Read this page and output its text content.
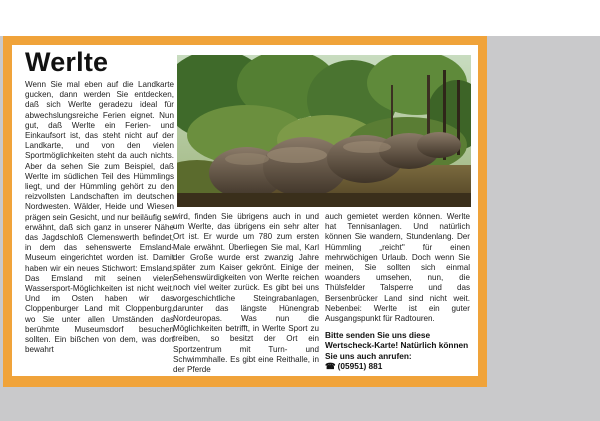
Werlte

Wenn Sie mal eben auf die Landkarte gucken, dann werden Sie entdecken, daß sich Werlte geradezu ideal für abwechslungsreiche Ferien eignet. Nun gut, daß Werlte ein Ferien- und Einkaufsort ist, das steht nicht auf der Landkarte, und von den vielen Sportmöglichkeiten steht da auch nichts. Aber da sehen Sie zum Beispiel, daß Werlte im südlichen Teil des Hümmlings liegt, und der Hümmling gehört zu den reizvollsten Landschaften im deutschen Nordwesten. Wälder, Heide und Wiesen prägen sein Gesicht, und nur beiläufig sei erwähnt, daß sich ganz in unserer Nähe das Jagdschloß Clemenswerth befindet, in dem das sehenswerte Emsland-Museum eingerichtet worden ist. Damit haben wir ein neues Stichwort: Emsland. Das Emsland mit seinen vielen Wassersport-Möglichkeiten ist nicht weit. Und im Osten haben wir das Cloppenburger Land mit Cloppenburg, wo Sie unter allen Umständen das berühmte Museumsdorf besuchen sollten. Ein bißchen von dem, was dort bewahrt

wird, finden Sie übrigens auch in und um Werlte, das übrigens ein sehr alter Ort ist. Er wurde um 780 zum ersten Male erwähnt. Überliegen Sie mal, Karl der Große wurde erst zwanzig Jahre später zum Kaiser gekrönt. Einige der Sehenswürdigkeiten von Werlte reichen noch viel weiter zurück. Es gibt bei uns vorgeschichtliche Steingrabanlagen, darunter das längste Hünengrab Nordeuropas. Was nun die Möglichkeiten betrifft, in Werlte Sport zu treiben, so besitzt der Ort ein Sportzentrum mit Turn- und Schwimmhalle. Es gibt eine Reithalle, in der Pferde

auch gemietet werden können. Werlte hat Tennisanlagen. Und natürlich können Sie wandern, Stundenlang. Der Hümmling „reicht" für einen mehrwöchigen Urlaub. Doch wenn Sie meinen, Sie sollten sich einmal woanders umsehen, nun, die Thülsfelder Talsperre und das Bersenbrücker Land sind nicht weit. Nebenbei: Werlte ist ein guter Ausgangspunkt für Radtouren.

Bitte senden Sie uns diese Wertscheck-Karte! Natürlich können Sie uns auch anrufen:
☎ (05951) 881
